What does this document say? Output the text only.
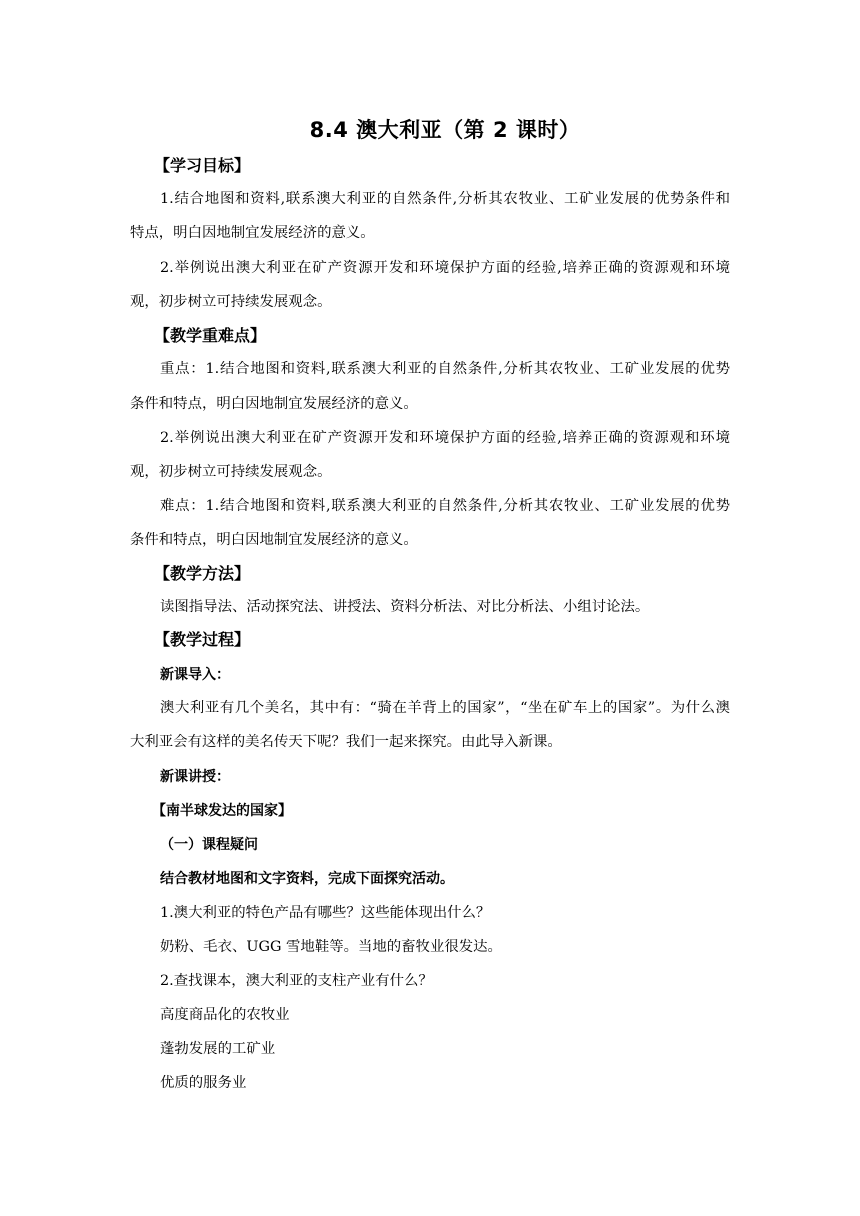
8.4 澳大利亚（第 2 课时）
【学习目标】
1.结合地图和资料,联系澳大利亚的自然条件,分析其农牧业、工矿业发展的优势条件和
特点，明白因地制宜发展经济的意义。
2.举例说出澳大利亚在矿产资源开发和环境保护方面的经验,培养正确的资源观和环境
观，初步树立可持续发展观念。
【教学重难点】
重点：1.结合地图和资料,联系澳大利亚的自然条件,分析其农牧业、工矿业发展的优势
条件和特点，明白因地制宜发展经济的意义。
2.举例说出澳大利亚在矿产资源开发和环境保护方面的经验,培养正确的资源观和环境
观，初步树立可持续发展观念。
难点：1.结合地图和资料,联系澳大利亚的自然条件,分析其农牧业、工矿业发展的优势
条件和特点，明白因地制宜发展经济的意义。
【教学方法】
读图指导法、活动探究法、讲授法、资料分析法、对比分析法、小组讨论法。
【教学过程】
新课导入：
澳大利亚有几个美名，其中有：“骑在羊背上的国家”，“坐在矿车上的国家”。为什么澳
大利亚会有这样的美名传天下呢？我们一起来探究。由此导入新课。
新课讲授：
【南半球发达的国家】
（一）课程疑问
结合教材地图和文字资料，完成下面探究活动。
1.澳大利亚的特色产品有哪些？这些能体现出什么？
奶粉、毛衣、UGG 雪地鞋等。当地的畜牧业很发达。
2.查找课本，澳大利亚的支柱产业有什么？
高度商品化的农牧业
蓬勃发展的工矿业
优质的服务业
